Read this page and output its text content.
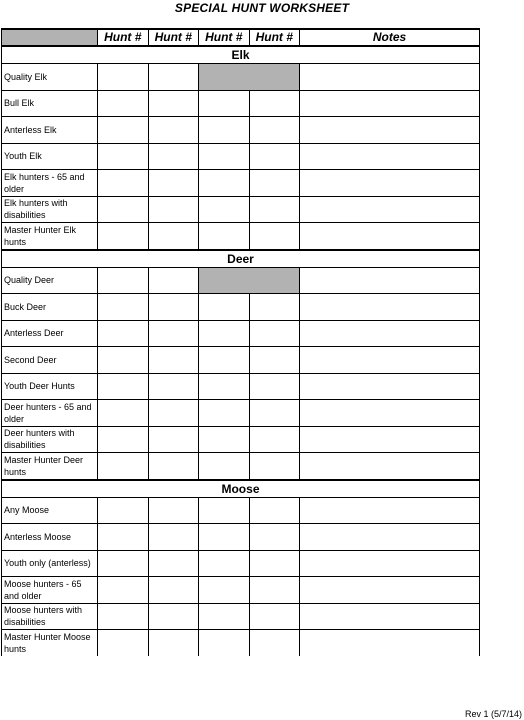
SPECIAL HUNT WORKSHEET
	Hunt #	Hunt #	Hunt #	Hunt #	Notes
Elk					
Quality Elk					
Bull Elk					
Anterless Elk					
Youth Elk					
Elk hunters - 65 and older					
Elk hunters with disabilities					
Master Hunter Elk hunts					
Deer					
Quality Deer					
Buck Deer					
Anterless Deer					
Second Deer					
Youth Deer Hunts					
Deer hunters - 65 and older					
Deer hunters with disabilities					
Master Hunter Deer hunts					
Moose					
Any Moose					
Anterless Moose					
Youth only (anterless)					
Moose hunters - 65 and older					
Moose hunters with disabilities					
Master Hunter Moose hunts					
Rev 1 (5/7/14)
